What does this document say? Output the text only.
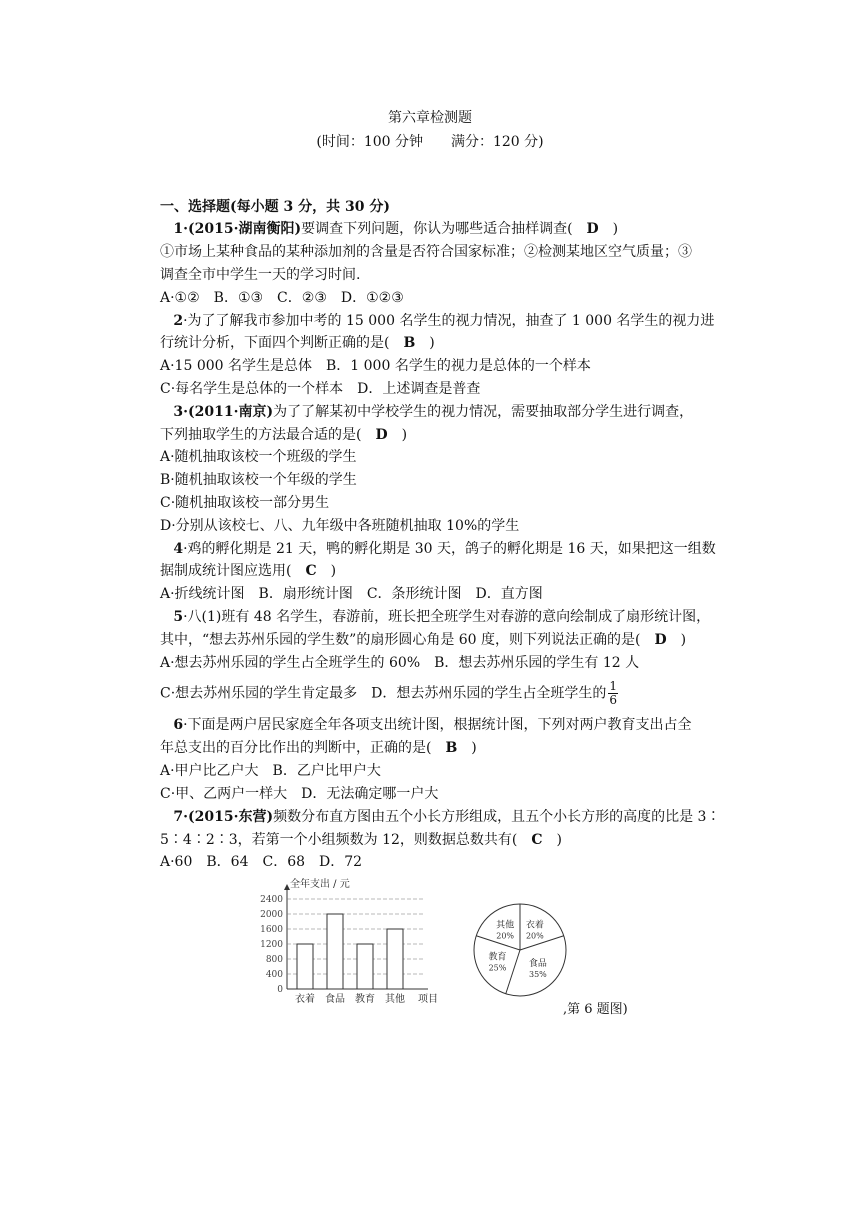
第六章检测题
(时间：100 分钟　　满分：120 分)
一、选择题(每小题 3 分，共 30 分)
1·(2015·湖南衡阳)要调查下列问题，你认为哪些适合抽样调查(　D　)
①市场上某种食品的某种添加剂的含量是否符合国家标准；②检测某地区空气质量；③
调查全市中学生一天的学习时间.
A·①②　B．①③　C．②③　D．①②③
2·为了了解我市参加中考的 15 000 名学生的视力情况，抽查了 1 000 名学生的视力进
行统计分析，下面四个判断正确的是(　B　)
A·15 000 名学生是总体　B．1 000 名学生的视力是总体的一个样本
C·每名学生是总体的一个样本　D．上述调查是普查
3·(2011·南京)为了了解某初中学校学生的视力情况，需要抽取部分学生进行调查，
下列抽取学生的方法最合适的是(　D　)
A·随机抽取该校一个班级的学生
B·随机抽取该校一个年级的学生
C·随机抽取该校一部分男生
D·分别从该校七、八、九年级中各班随机抽取 10%的学生
4·鸡的孵化期是 21 天，鸭的孵化期是 30 天，鸽子的孵化期是 16 天，如果把这一组数
据制成统计图应选用(　C　)
A·折线统计图　B．扇形统计图　C．条形统计图　D．直方图
5·八(1)班有 48 名学生，春游前，班长把全班学生对春游的意向绘制成了扇形统计图，
其中，“想去苏州乐园的学生数”的扇形圆心角是 60 度，则下列说法正确的是(　D　)
A·想去苏州乐园的学生占全班学生的 60%　B．想去苏州乐园的学生有 12 人
C·想去苏州乐园的学生肯定最多　D．想去苏州乐园的学生占全班学生的 $\frac{1}{6}$
6·下面是两户居民家庭全年各项支出统计图，根据统计图，下列对两户教育支出占全
年总支出的百分比作出的判断中，正确的是(　B　)
A·甲户比乙户大　B．乙户比甲户大
C·甲、乙两户一样大　D．无法确定哪一户大
7·(2015·东营)频数分布直方图由五个小长方形组成，且五个小长方形的高度的比是 3∶
5∶4∶2∶3，若第一个小组频数为 12，则数据总数共有(　C　)
A·60　B．64　C．68　D．72
全年支出 / 元
0
400
800
1200
1600
2000
2400
衣着 食品 教育 其他 项目
衣着
20%
食品
35%
教育
25%
其他
20%
,第 6 题图)
